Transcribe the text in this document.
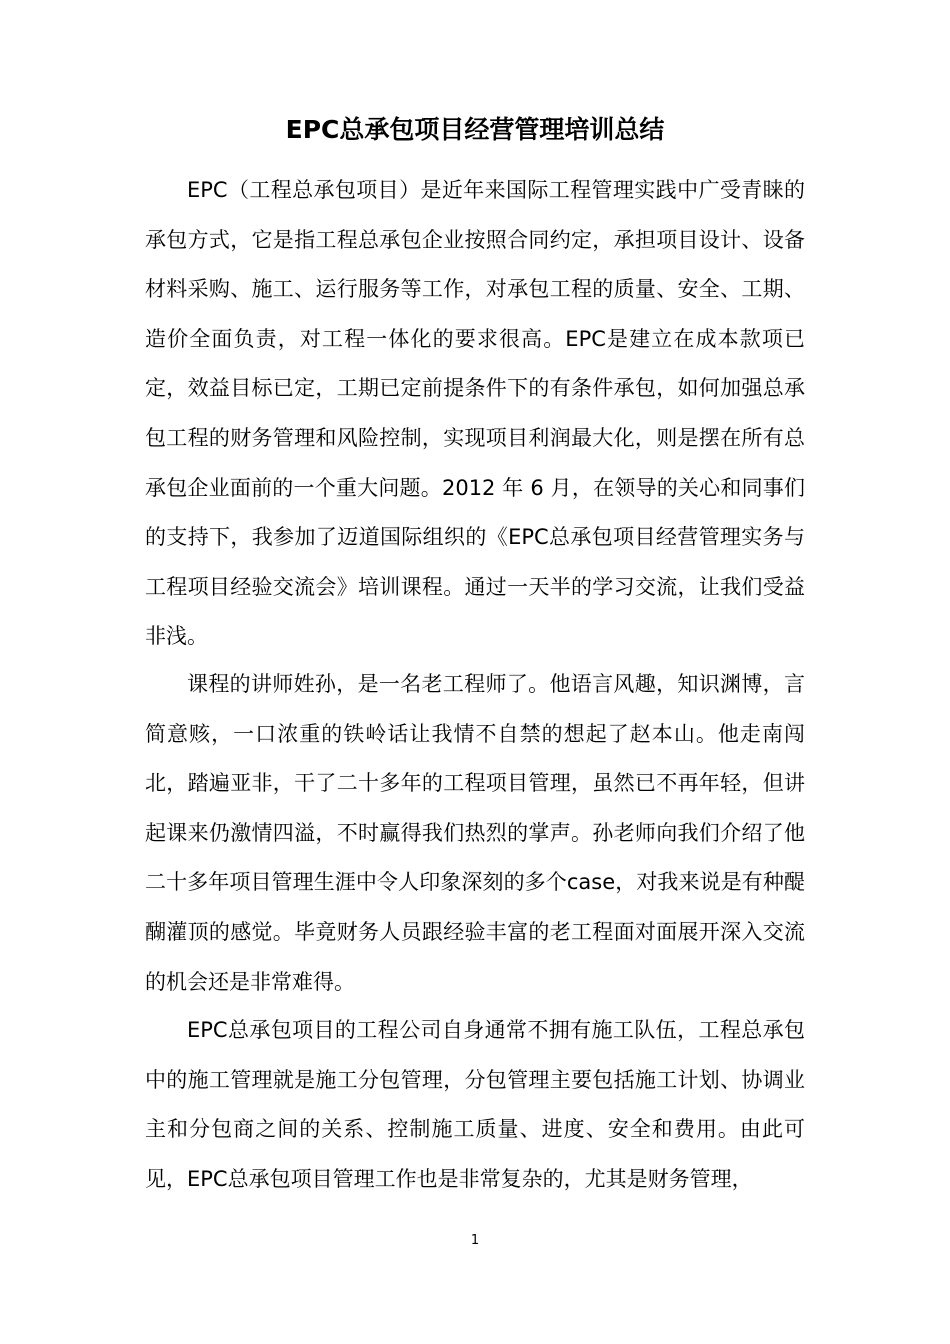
EPC总承包项目经营管理培训总结

EPC（工程总承包项目）是近年来国际工程管理实践中广受青睐的承包方式，它是指工程总承包企业按照合同约定，承担项目设计、设备材料采购、施工、运行服务等工作，对承包工程的质量、安全、工期、造价全面负责，对工程一体化的要求很高。EPC是建立在成本款项已定，效益目标已定，工期已定前提条件下的有条件承包，如何加强总承包工程的财务管理和风险控制，实现项目利润最大化，则是摆在所有总承包企业面前的一个重大问题。2012 年 6 月，在领导的关心和同事们的支持下，我参加了迈道国际组织的《EPC总承包项目经营管理实务与工程项目经验交流会》培训课程。通过一天半的学习交流，让我们受益非浅。

课程的讲师姓孙，是一名老工程师了。他语言风趣，知识渊博，言简意赅，一口浓重的铁岭话让我情不自禁的想起了赵本山。他走南闯北，踏遍亚非，干了二十多年的工程项目管理，虽然已不再年轻，但讲起课来仍激情四溢，不时赢得我们热烈的掌声。孙老师向我们介绍了他二十多年项目管理生涯中令人印象深刻的多个case，对我来说是有种醍醐灌顶的感觉。毕竟财务人员跟经验丰富的老工程面对面展开深入交流的机会还是非常难得。

EPC总承包项目的工程公司自身通常不拥有施工队伍，工程总承包中的施工管理就是施工分包管理，分包管理主要包括施工计划、协调业主和分包商之间的关系、控制施工质量、进度、安全和费用。由此可见，EPC总承包项目管理工作也是非常复杂的，尤其是财务管理，

1
